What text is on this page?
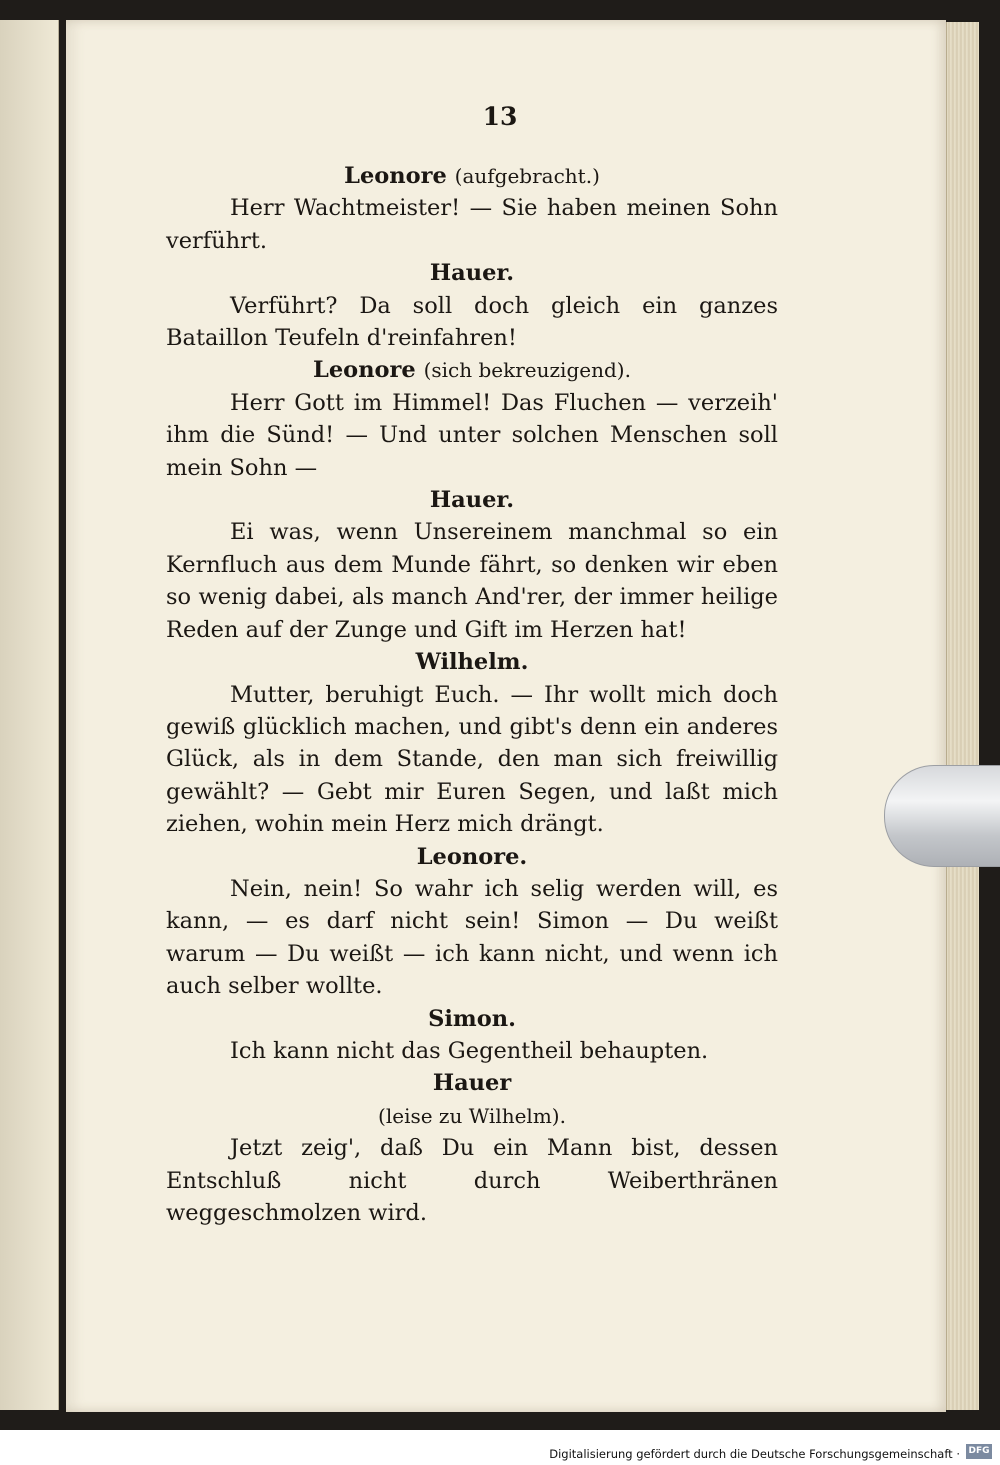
13

Leonore (aufgebracht.)

Herr Wachtmeister! — Sie haben meinen Sohn verführt.

Hauer.

Verführt? Da soll doch gleich ein ganzes Bataillon Teufeln d'reinfahren!

Leonore (sich bekreuzigend).

Herr Gott im Himmel! Das Fluchen — verzeih' ihm die Sünd! — Und unter solchen Menschen soll mein Sohn —

Hauer.

Ei was, wenn Unsereinem manchmal so ein Kernfluch aus dem Munde fährt, so denken wir eben so wenig dabei, als manch And'rer, der immer heilige Reden auf der Zunge und Gift im Herzen hat!

Wilhelm.

Mutter, beruhigt Euch. — Ihr wollt mich doch gewiß glücklich machen, und gibt's denn ein anderes Glück, als in dem Stande, den man sich freiwillig gewählt? — Gebt mir Euren Segen, und laßt mich ziehen, wohin mein Herz mich drängt.

Leonore.

Nein, nein! So wahr ich selig werden will, es kann, — es darf nicht sein! Simon — Du weißt warum — Du weißt — ich kann nicht, und wenn ich auch selber wollte.

Simon.

Ich kann nicht das Gegentheil behaupten.

Hauer

(leise zu Wilhelm).

Jetzt zeig', daß Du ein Mann bist, dessen Entschluß nicht durch Weiberthränen weggeschmolzen wird.

Digitalisierung gefördert durch die Deutsche Forschungsgemeinschaft · DFG
